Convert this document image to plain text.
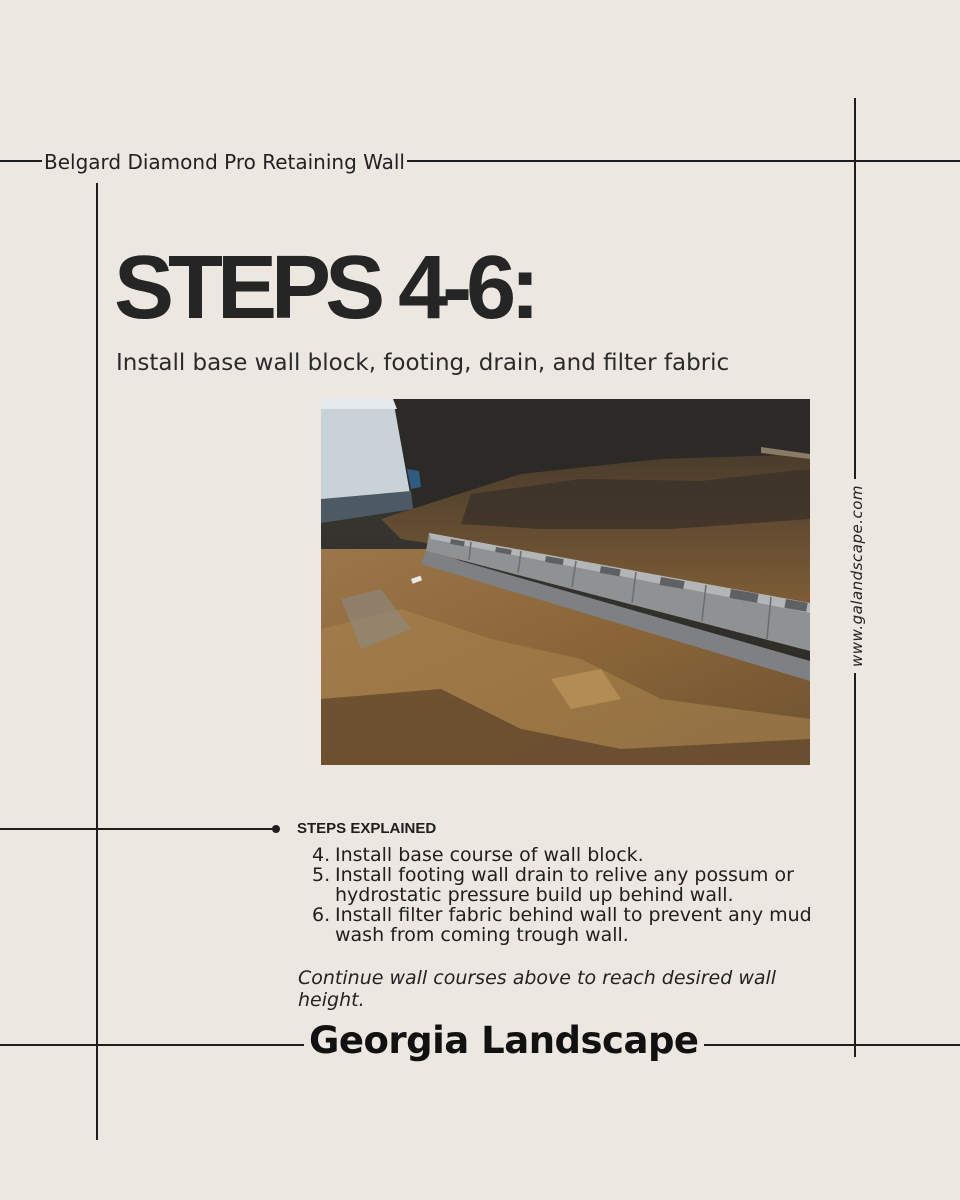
Belgard Diamond Pro Retaining Wall
STEPS 4-6:
Install base wall block, footing, drain, and filter fabric
www.galandscape.com
STEPS EXPLAINED
4. Install base course of wall block.
5. Install footing wall drain to relive any possum or hydrostatic pressure build up behind wall.
6. Install filter fabric behind wall to prevent any mud wash from coming trough wall.
Continue wall courses above to reach desired wall height.
Georgia Landscape
